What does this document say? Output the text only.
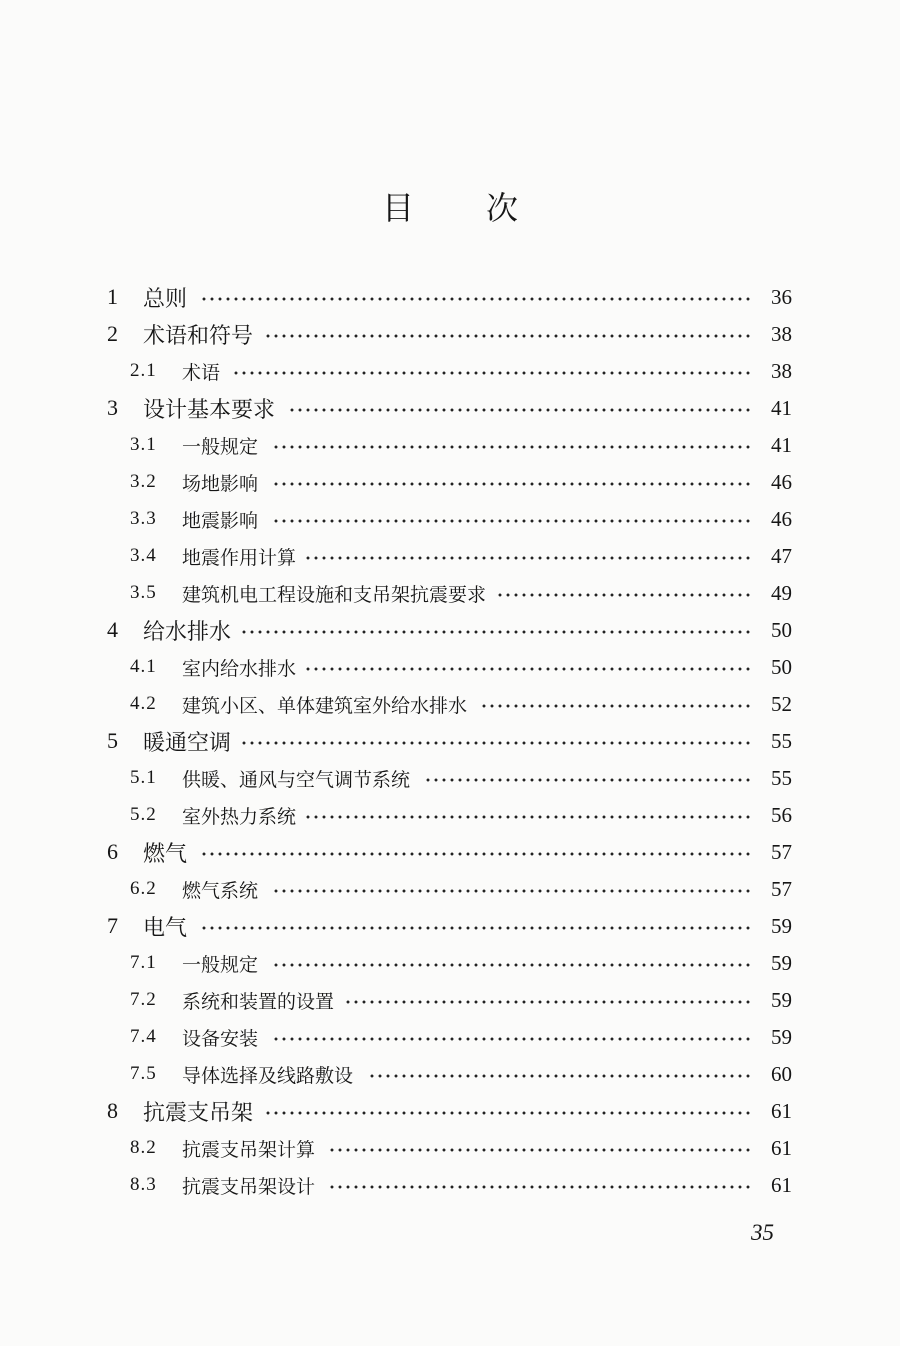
目次
1 总则	36
2 术语和符号	38
2.1 术语	38
3 设计基本要求	41
3.1 一般规定	41
3.2 场地影响	46
3.3 地震影响	46
3.4 地震作用计算	47
3.5 建筑机电工程设施和支吊架抗震要求	49
4 给水排水	50
4.1 室内给水排水	50
4.2 建筑小区、单体建筑室外给水排水	52
5 暖通空调	55
5.1 供暖、通风与空气调节系统	55
5.2 室外热力系统	56
6 燃气	57
6.2 燃气系统	57
7 电气	59
7.1 一般规定	59
7.2 系统和装置的设置	59
7.4 设备安装	59
7.5 导体选择及线路敷设	60
8 抗震支吊架	61
8.2 抗震支吊架计算	61
8.3 抗震支吊架设计	61
35
